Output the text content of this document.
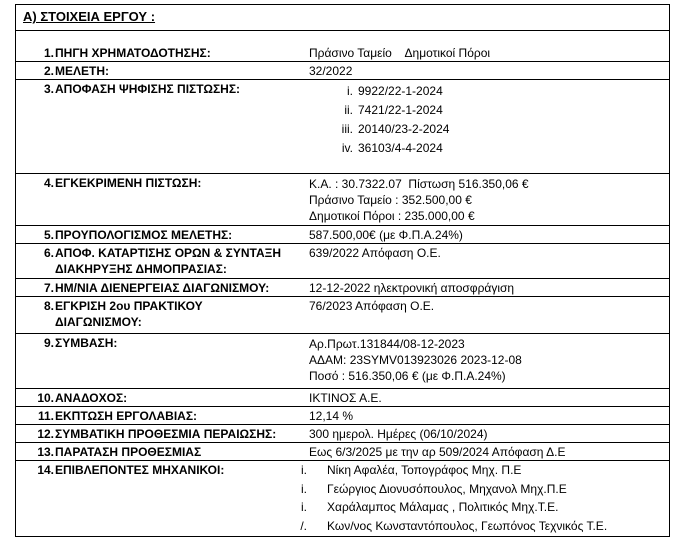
Α) ΣΤΟΙΧΕΙΑ ΕΡΓΟΥ :
1. ΠΗΓΗ ΧΡΗΜΑΤΟΔΟΤΗΣΗΣ:	Πράσινο Ταμείο    Δημοτικοί Πόροι
2. ΜΕΛΕΤΗ:	32/2022
3. ΑΠΟΦΑΣΗ ΨΗΦΙΣΗΣ ΠΙΣΤΩΣΗΣ:	i. 9922/22-1-2024
ii. 7421/22-1-2024
iii. 20140/23-2-2024
iv. 36103/4-4-2024
4. ΕΓΚΕΚΡΙΜΕΝΗ ΠΙΣΤΩΣΗ:	Κ.Α. : 30.7322.07  Πίστωση 516.350,06 €
Πράσινο Ταμείο : 352.500,00 €
Δημοτικοί Πόροι : 235.000,00 €
5. ΠΡΟΥΠΟΛΟΓΙΣΜΟΣ ΜΕΛΕΤΗΣ:	587.500,00€ (με Φ.Π.Α.24%)
6. ΑΠΟΦ. ΚΑΤΑΡΤΙΣΗΣ ΟΡΩΝ & ΣΥΝΤΑΞΗ
ΔΙΑΚΗΡΥΞΗΣ ΔΗΜΟΠΡΑΣΙΑΣ:
639/2022 Απόφαση Ο.Ε.
7. ΗΜ/ΝΙΑ ΔΙΕΝΕΡΓΕΙΑΣ ΔΙΑΓΩΝΙΣΜΟΥ:	12-12-2022 ηλεκτρονική αποσφράγιση
8. ΕΓΚΡΙΣΗ 2ου ΠΡΑΚΤΙΚΟΥ
ΔΙΑΓΩΝΙΣΜΟΥ:
76/2023 Απόφαση Ο.Ε.
9. ΣΥΜΒΑΣΗ:	Αρ.Πρωτ.131844/08-12-2023
ΑΔΑΜ: 23SYMV013923026 2023-12-08
Ποσό : 516.350,06 € (με Φ.Π.Α.24%)
10. ΑΝΑΔΟΧΟΣ:	ΙΚΤΙΝΟΣ Α.Ε.
11. ΕΚΠΤΩΣΗ ΕΡΓΟΛΑΒΙΑΣ:	12,14 %
12. ΣΥΜΒΑΤΙΚΗ ΠΡΟΘΕΣΜΙΑ ΠΕΡΑΙΩΣΗΣ:	300 ημερολ. Ημέρες (06/10/2024)
13. ΠΑΡΑΤΑΣΗ ΠΡΟΘΕΣΜΙΑΣ	Εως 6/3/2025 με την αρ 509/2024 Απόφαση Δ.Ε
14. ΕΠΙΒΛΕΠΟΝΤΕΣ ΜΗΧΑΝΙΚΟΙ:	i. Νίκη Αφαλέα, Τοπογράφος Μηχ. Π.Ε
i. Γεώργιος Διονυσόπουλος, Μηχανολ Μηχ.Π.Ε
i. Χαράλαμπος Μάλαμας , Πολιτικός Μηχ.Τ.Ε.
/. Κων/νος Κωνσταντόπουλος, Γεωπόνος Τεχνικός Τ.Ε.
